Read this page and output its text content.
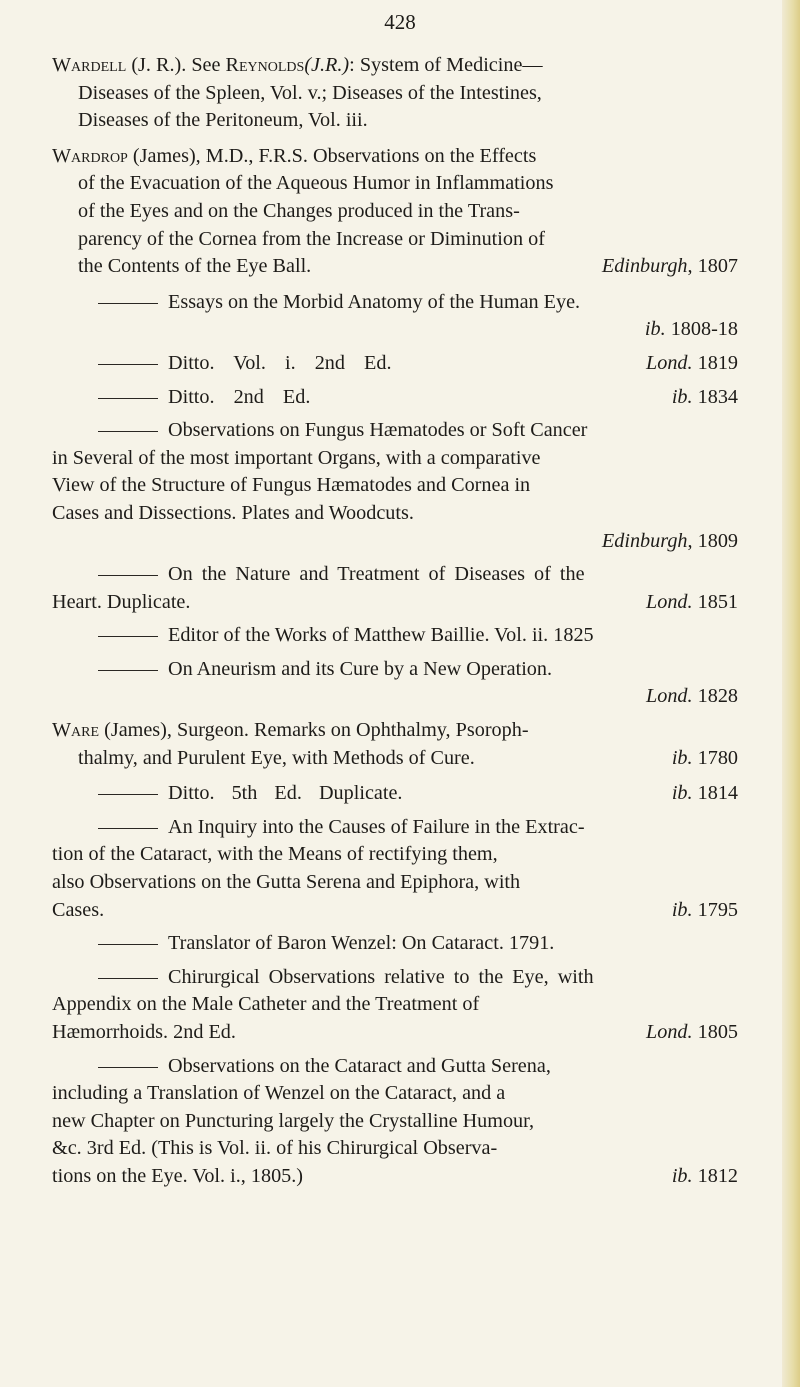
428
Wardell (J. R.). See Reynolds(J.R.): System of Medicine—
Diseases of the Spleen, Vol. v.; Diseases of the Intestines,
Diseases of the Peritoneum, Vol. iii.
Wardrop (James), M.D., F.R.S. Observations on the Effects
of the Evacuation of the Aqueous Humor in Inflammations
of the Eyes and on the Changes produced in the Trans-
parency of the Cornea from the Increase or Diminution of
the Contents of the Eye Ball.	Edinburgh, 1807
Essays on the Morbid Anatomy of the Human Eye.
ib. 1808-18
Ditto. Vol. i. 2nd Ed.	Lond. 1819
Ditto. 2nd Ed.	ib. 1834
Observations on Fungus Hæmatodes or Soft Cancer
in Several of the most important Organs, with a comparative
View of the Structure of Fungus Hæmatodes and Cornea in
Cases and Dissections. Plates and Woodcuts.
Edinburgh, 1809
On the Nature and Treatment of Diseases of the
Heart. Duplicate.	Lond. 1851
Editor of the Works of Matthew Baillie. Vol. ii. 1825
On Aneurism and its Cure by a New Operation.
Lond. 1828
Ware (James), Surgeon. Remarks on Ophthalmy, Psoroph-
thalmy, and Purulent Eye, with Methods of Cure.	ib. 1780
Ditto. 5th Ed. Duplicate.	ib. 1814
An Inquiry into the Causes of Failure in the Extrac-
tion of the Cataract, with the Means of rectifying them,
also Observations on the Gutta Serena and Epiphora, with
Cases.	ib. 1795
Translator of Baron Wenzel: On Cataract. 1791.
Chirurgical Observations relative to the Eye, with
Appendix on the Male Catheter and the Treatment of
Hæmorrhoids. 2nd Ed.	Lond. 1805
Observations on the Cataract and Gutta Serena,
including a Translation of Wenzel on the Cataract, and a
new Chapter on Puncturing largely the Crystalline Humour,
&c. 3rd Ed. (This is Vol. ii. of his Chirurgical Observa-
tions on the Eye. Vol. i., 1805.)	ib. 1812
